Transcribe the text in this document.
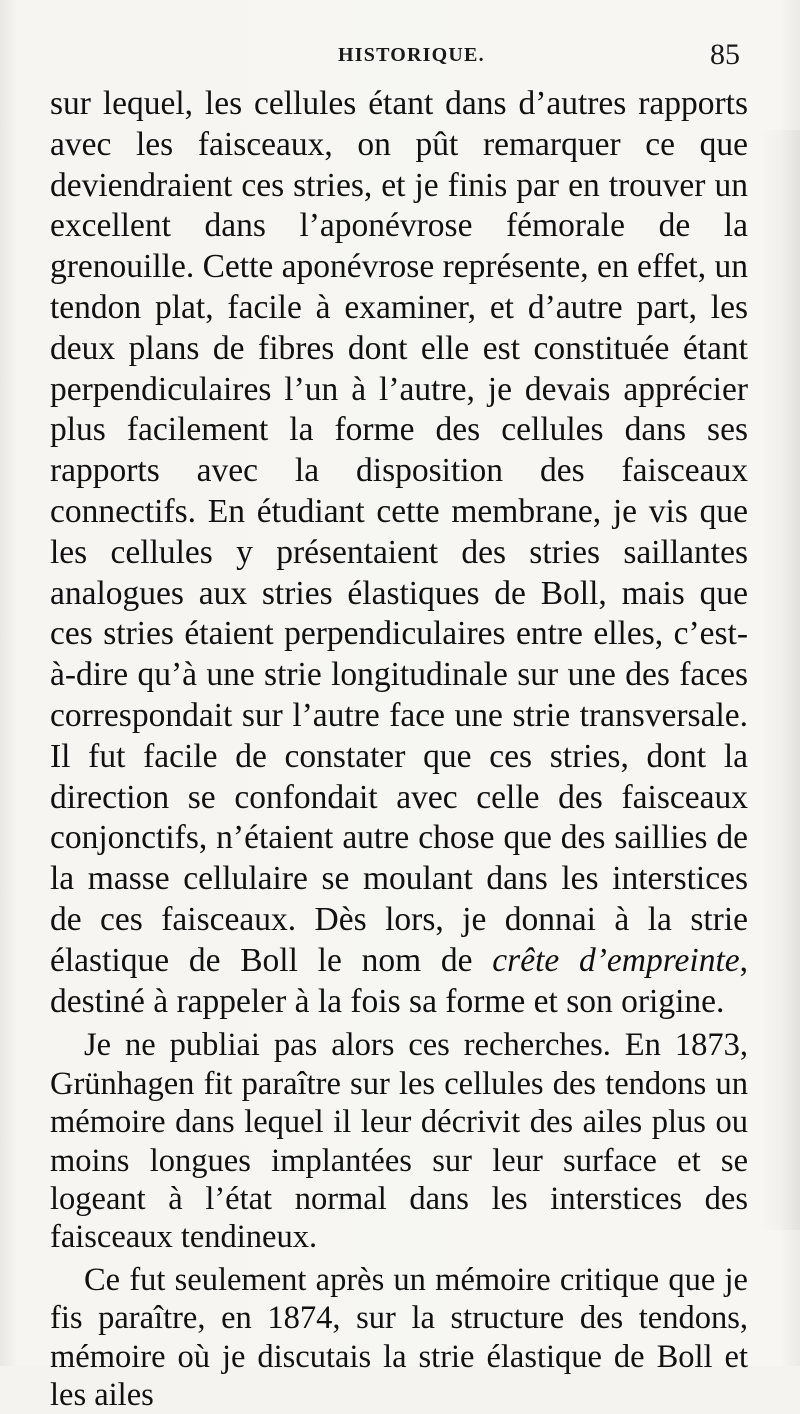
HISTORIQUE.	85

sur lequel, les cellules étant dans d’autres rapports avec les faisceaux, on pût remarquer ce que deviendraient ces stries, et je finis par en trouver un excellent dans l’aponévrose fémorale de la grenouille. Cette aponévrose représente, en effet, un tendon plat, facile à examiner, et d’autre part, les deux plans de fibres dont elle est constituée étant perpendiculaires l’un à l’autre, je devais apprécier plus facilement la forme des cellules dans ses rapports avec la disposition des faisceaux connectifs. En étudiant cette membrane, je vis que les cellules y présentaient des stries saillantes analogues aux stries élastiques de Boll, mais que ces stries étaient perpendiculaires entre elles, c’est-à-dire qu’à une strie longitudinale sur une des faces correspondait sur l’autre face une strie transversale. Il fut facile de constater que ces stries, dont la direction se confondait avec celle des faisceaux conjonctifs, n’étaient autre chose que des saillies de la masse cellulaire se moulant dans les interstices de ces faisceaux. Dès lors, je donnai à la strie élastique de Boll le nom de crête d’empreinte, destiné à rappeler à la fois sa forme et son origine.

Je ne publiai pas alors ces recherches. En 1873, Grünhagen fit paraître sur les cellules des tendons un mémoire dans lequel il leur décrivit des ailes plus ou moins longues implantées sur leur surface et se logeant à l’état normal dans les interstices des faisceaux tendineux.

Ce fut seulement après un mémoire critique que je fis paraître, en 1874, sur la structure des tendons, mémoire où je discutais la strie élastique de Boll et les ailes
